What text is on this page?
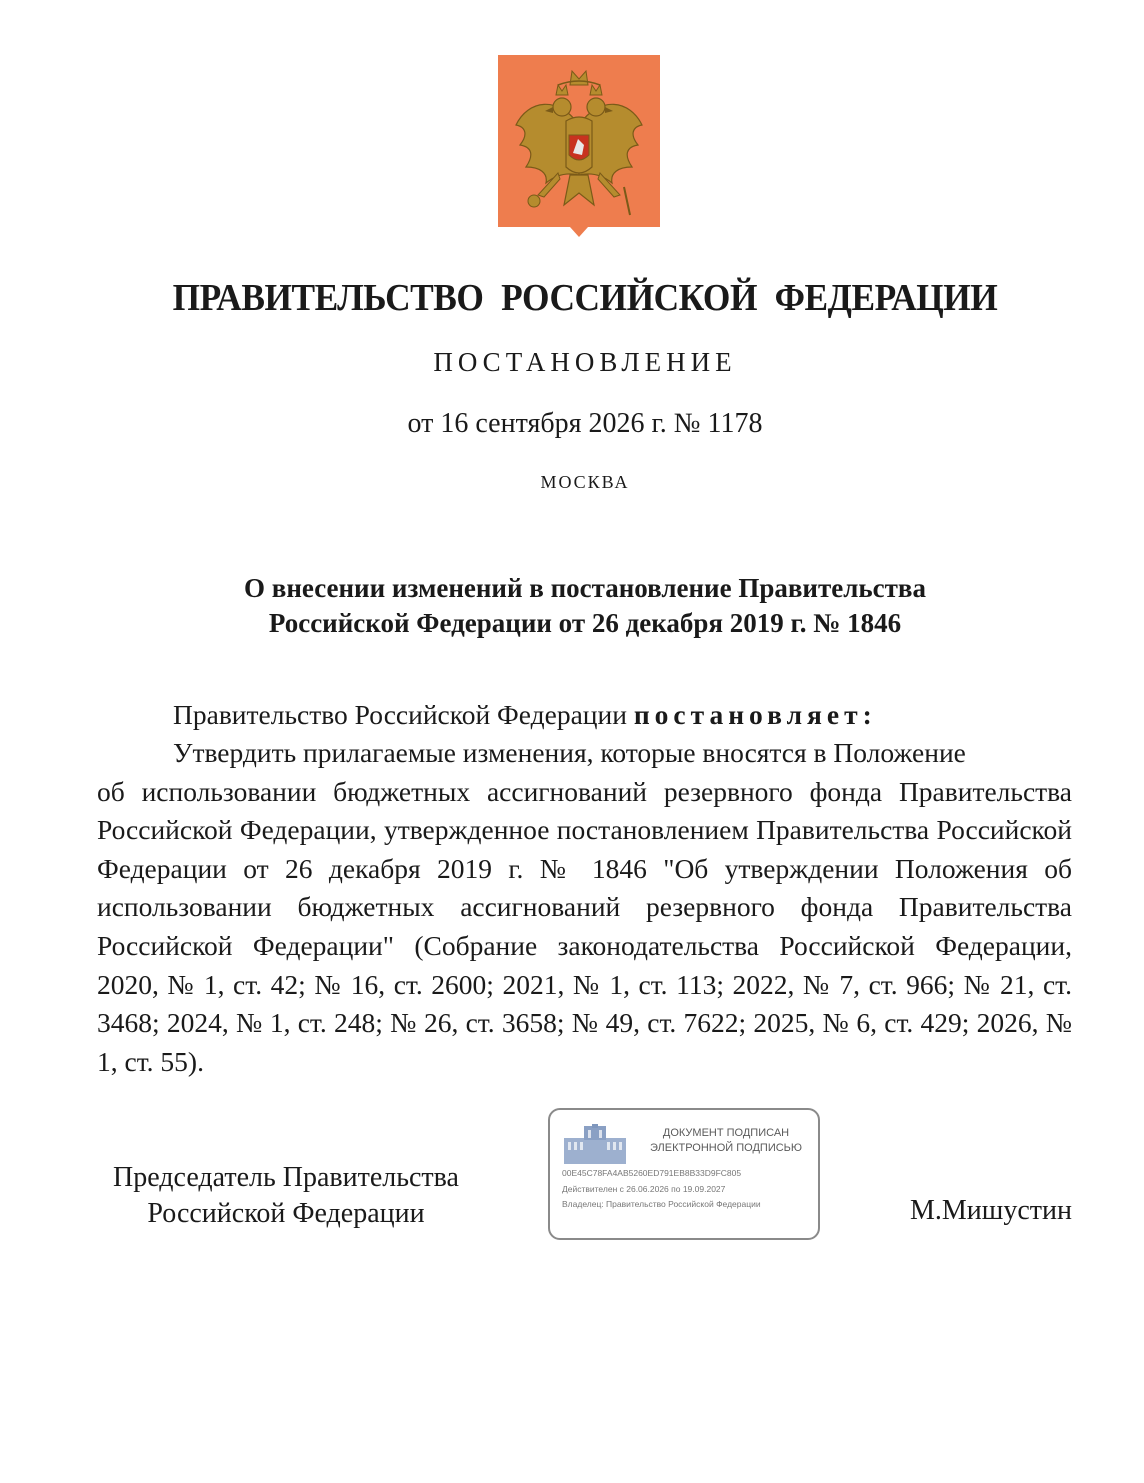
ПРАВИТЕЛЬСТВО РОССИЙСКОЙ ФЕДЕРАЦИИ
ПОСТАНОВЛЕНИЕ
от 16 сентября 2026 г. № 1178
МОСКВА
О внесении изменений в постановление Правительства
Российской Федерации от 26 декабря 2019 г. № 1846
Правительство Российской Федерации постановляет:
Утвердить прилагаемые изменения, которые вносятся в Положение
об использовании бюджетных ассигнований резервного фонда Правительства Российской Федерации, утвержденное постановлением Правительства Российской Федерации от 26 декабря 2019 г. № 1846 "Об утверждении Положения об использовании бюджетных ассигнований резервного фонда Правительства Российской Федерации" (Собрание законодательства Российской Федерации, 2020, № 1, ст. 42; № 16, ст. 2600; 2021, № 1, ст. 113; 2022, № 7, ст. 966; № 21, ст. 3468; 2024, № 1, ст. 248; № 26, ст. 3658; № 49, ст. 7622; 2025, № 6, ст. 429; 2026, № 1, ст. 55).
Председатель Правительства
Российской Федерации
ДОКУМЕНТ ПОДПИСАН
ЭЛЕКТРОННОЙ ПОДПИСЬЮ
00E45C78FA4AB5260ED791EB8B33D9FC805
Действителен с 26.06.2026 по 19.09.2027
Владелец: Правительство Российской Федерации	М.Мишустин
